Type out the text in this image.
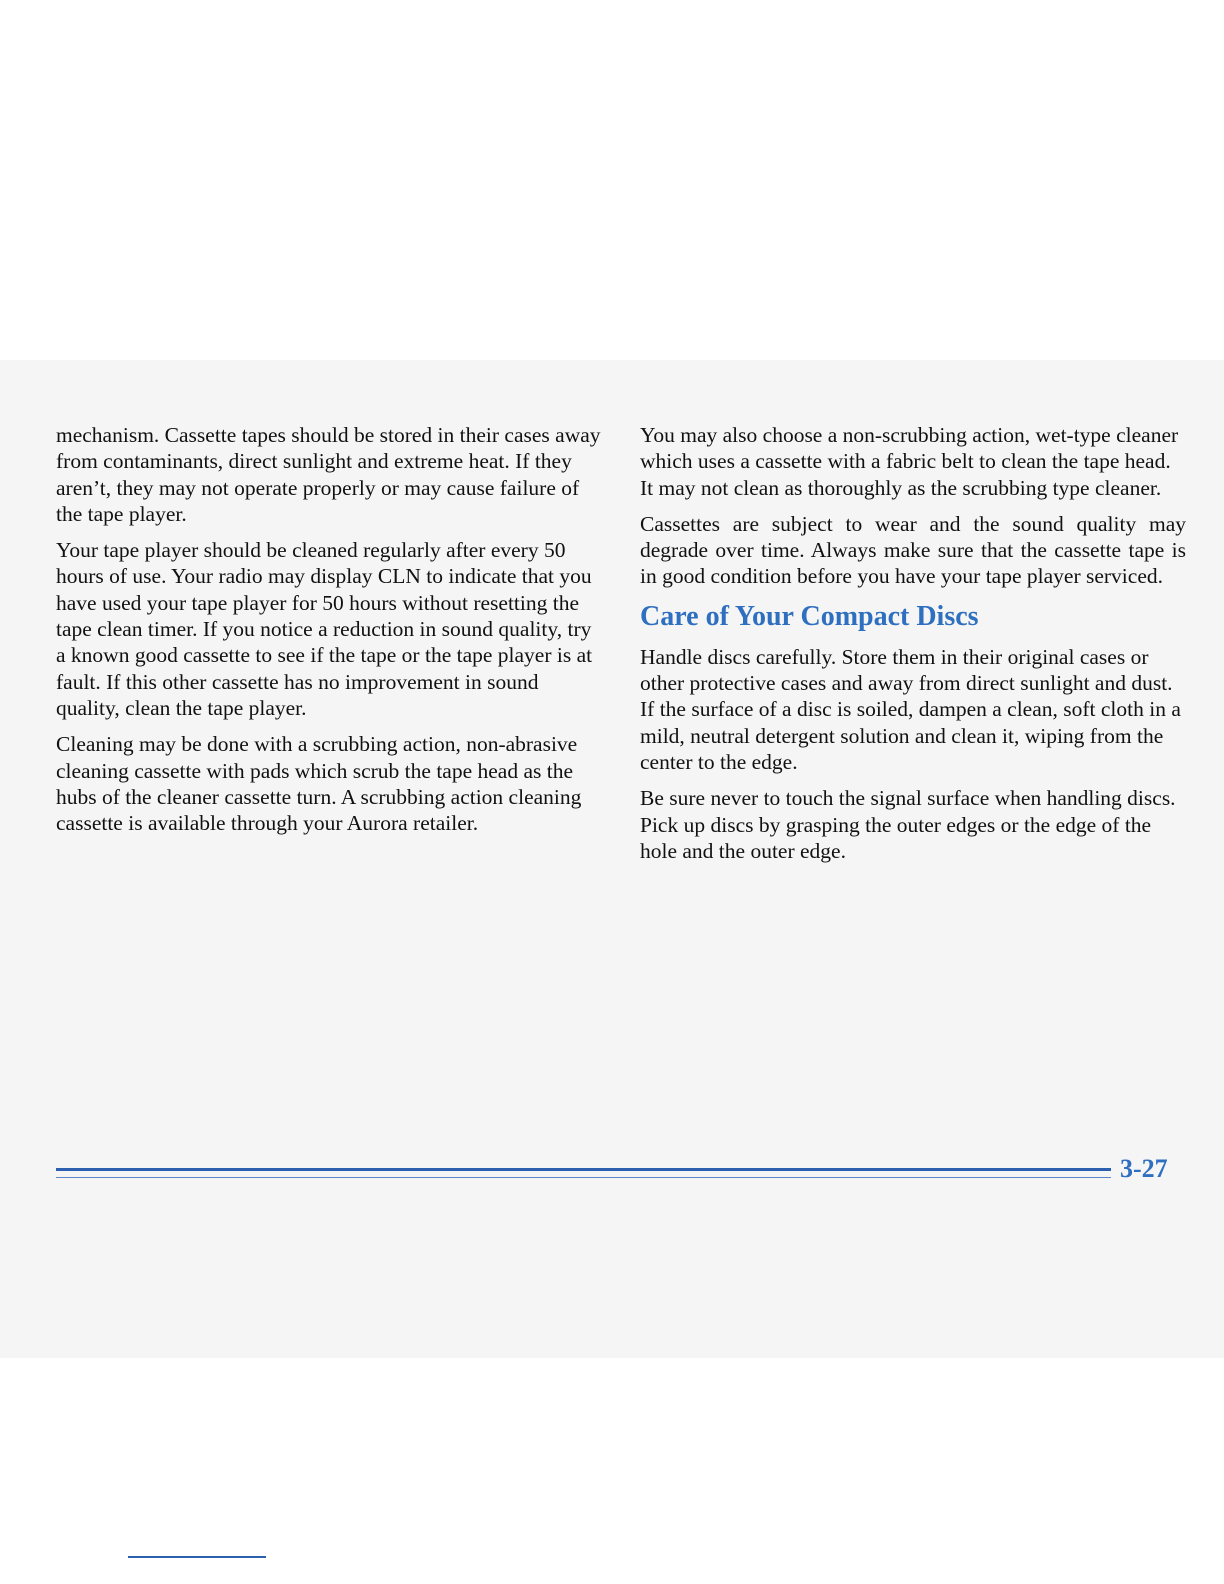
mechanism. Cassette tapes should be stored in their cases away from contaminants, direct sunlight and extreme heat. If they aren’t, they may not operate properly or may cause failure of the tape player.

Your tape player should be cleaned regularly after every 50 hours of use. Your radio may display CLN to indicate that you have used your tape player for 50 hours without resetting the tape clean timer. If you notice a reduction in sound quality, try a known good cassette to see if the tape or the tape player is at fault. If this other cassette has no improvement in sound quality, clean the tape player.

Cleaning may be done with a scrubbing action, non-abrasive cleaning cassette with pads which scrub the tape head as the hubs of the cleaner cassette turn. A scrubbing action cleaning cassette is available through your Aurora retailer.

You may also choose a non-scrubbing action, wet-type cleaner which uses a cassette with a fabric belt to clean the tape head. It may not clean as thoroughly as the scrubbing type cleaner.

Cassettes are subject to wear and the sound quality may degrade over time. Always make sure that the cassette tape is in good condition before you have your tape player serviced.

Care of Your Compact Discs

Handle discs carefully. Store them in their original cases or other protective cases and away from direct sunlight and dust. If the surface of a disc is soiled, dampen a clean, soft cloth in a mild, neutral detergent solution and clean it, wiping from the center to the edge.

Be sure never to touch the signal surface when handling discs. Pick up discs by grasping the outer edges or the edge of the hole and the outer edge.

3-27
